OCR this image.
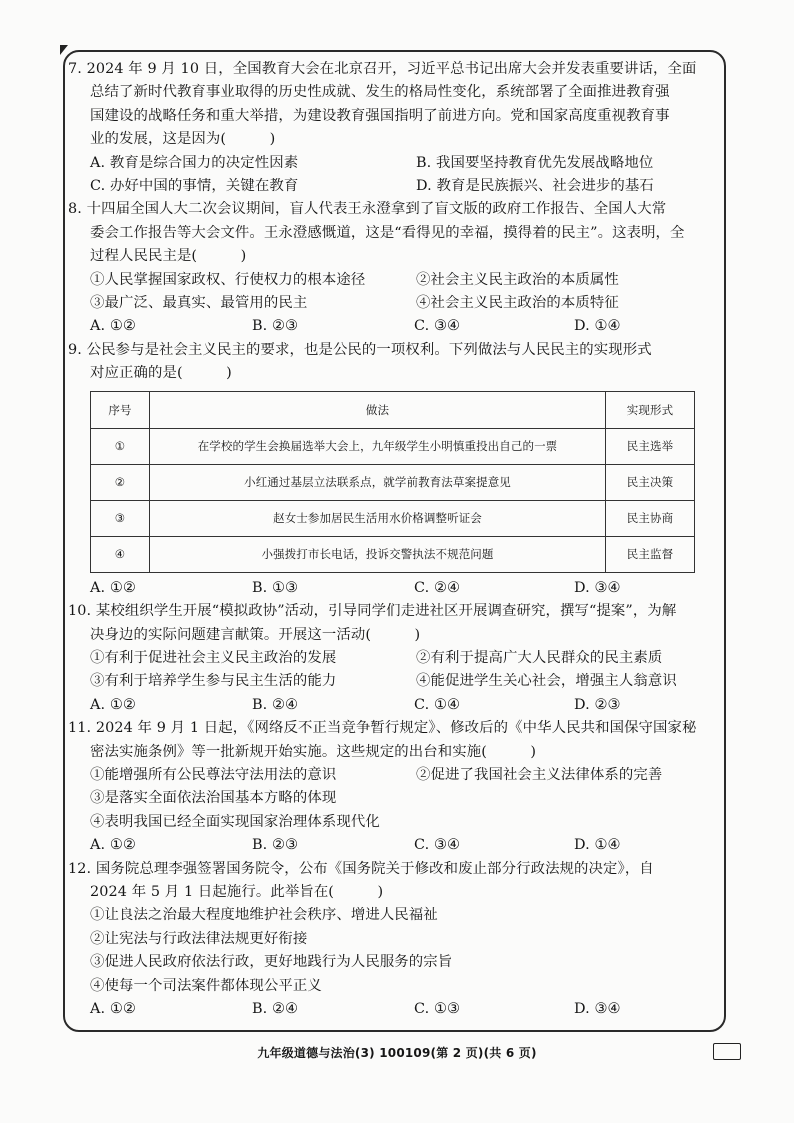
7. 2024 年 9 月 10 日，全国教育大会在北京召开，习近平总书记出席大会并发表重要讲话，全面
总结了新时代教育事业取得的历史性成就、发生的格局性变化，系统部署了全面推进教育强
国建设的战略任务和重大举措，为建设教育强国指明了前进方向。党和国家高度重视教育事
业的发展，这是因为(　　　)
A. 教育是综合国力的决定性因素	B. 我国要坚持教育优先发展战略地位
C. 办好中国的事情，关键在教育	D. 教育是民族振兴、社会进步的基石
8. 十四届全国人大二次会议期间，盲人代表王永澄拿到了盲文版的政府工作报告、全国人大常
委会工作报告等大会文件。王永澄感慨道，这是“看得见的幸福，摸得着的民主”。这表明，全
过程人民民主是(　　　)
①人民掌握国家政权、行使权力的根本途径	②社会主义民主政治的本质属性
③最广泛、最真实、最管用的民主	④社会主义民主政治的本质特征
A. ①②	B. ②③	C. ③④	D. ①④
9. 公民参与是社会主义民主的要求，也是公民的一项权利。下列做法与人民民主的实现形式
对应正确的是(　　　)
序号	做法	实现形式
①	在学校的学生会换届选举大会上，九年级学生小明慎重投出自己的一票	民主选举
②	小红通过基层立法联系点，就学前教育法草案提意见	民主决策
③	赵女士参加居民生活用水价格调整听证会	民主协商
④	小强拨打市长电话，投诉交警执法不规范问题	民主监督
A. ①②	B. ①③	C. ②④	D. ③④
10. 某校组织学生开展“模拟政协”活动，引导同学们走进社区开展调查研究，撰写“提案”，为解
决身边的实际问题建言献策。开展这一活动(　　　)
①有利于促进社会主义民主政治的发展	②有利于提高广大人民群众的民主素质
③有利于培养学生参与民主生活的能力	④能促进学生关心社会，增强主人翁意识
A. ①②	B. ②④	C. ①④	D. ②③
11. 2024 年 9 月 1 日起，《网络反不正当竞争暂行规定》、修改后的《中华人民共和国保守国家秘
密法实施条例》等一批新规开始实施。这些规定的出台和实施(　　　)
①能增强所有公民尊法守法用法的意识	②促进了我国社会主义法律体系的完善
③是落实全面依法治国基本方略的体现
④表明我国已经全面实现国家治理体系现代化
A. ①②	B. ②③	C. ③④	D. ①④
12. 国务院总理李强签署国务院令，公布《国务院关于修改和废止部分行政法规的决定》，自
2024 年 5 月 1 日起施行。此举旨在(　　　)
①让良法之治最大程度地维护社会秩序、增进人民福祉
②让宪法与行政法律法规更好衔接
③促进人民政府依法行政，更好地践行为人民服务的宗旨
④使每一个司法案件都体现公平正义
A. ①②	B. ②④	C. ①③	D. ③④
九年级道德与法治(3) 100109(第 2 页)(共 6 页)
